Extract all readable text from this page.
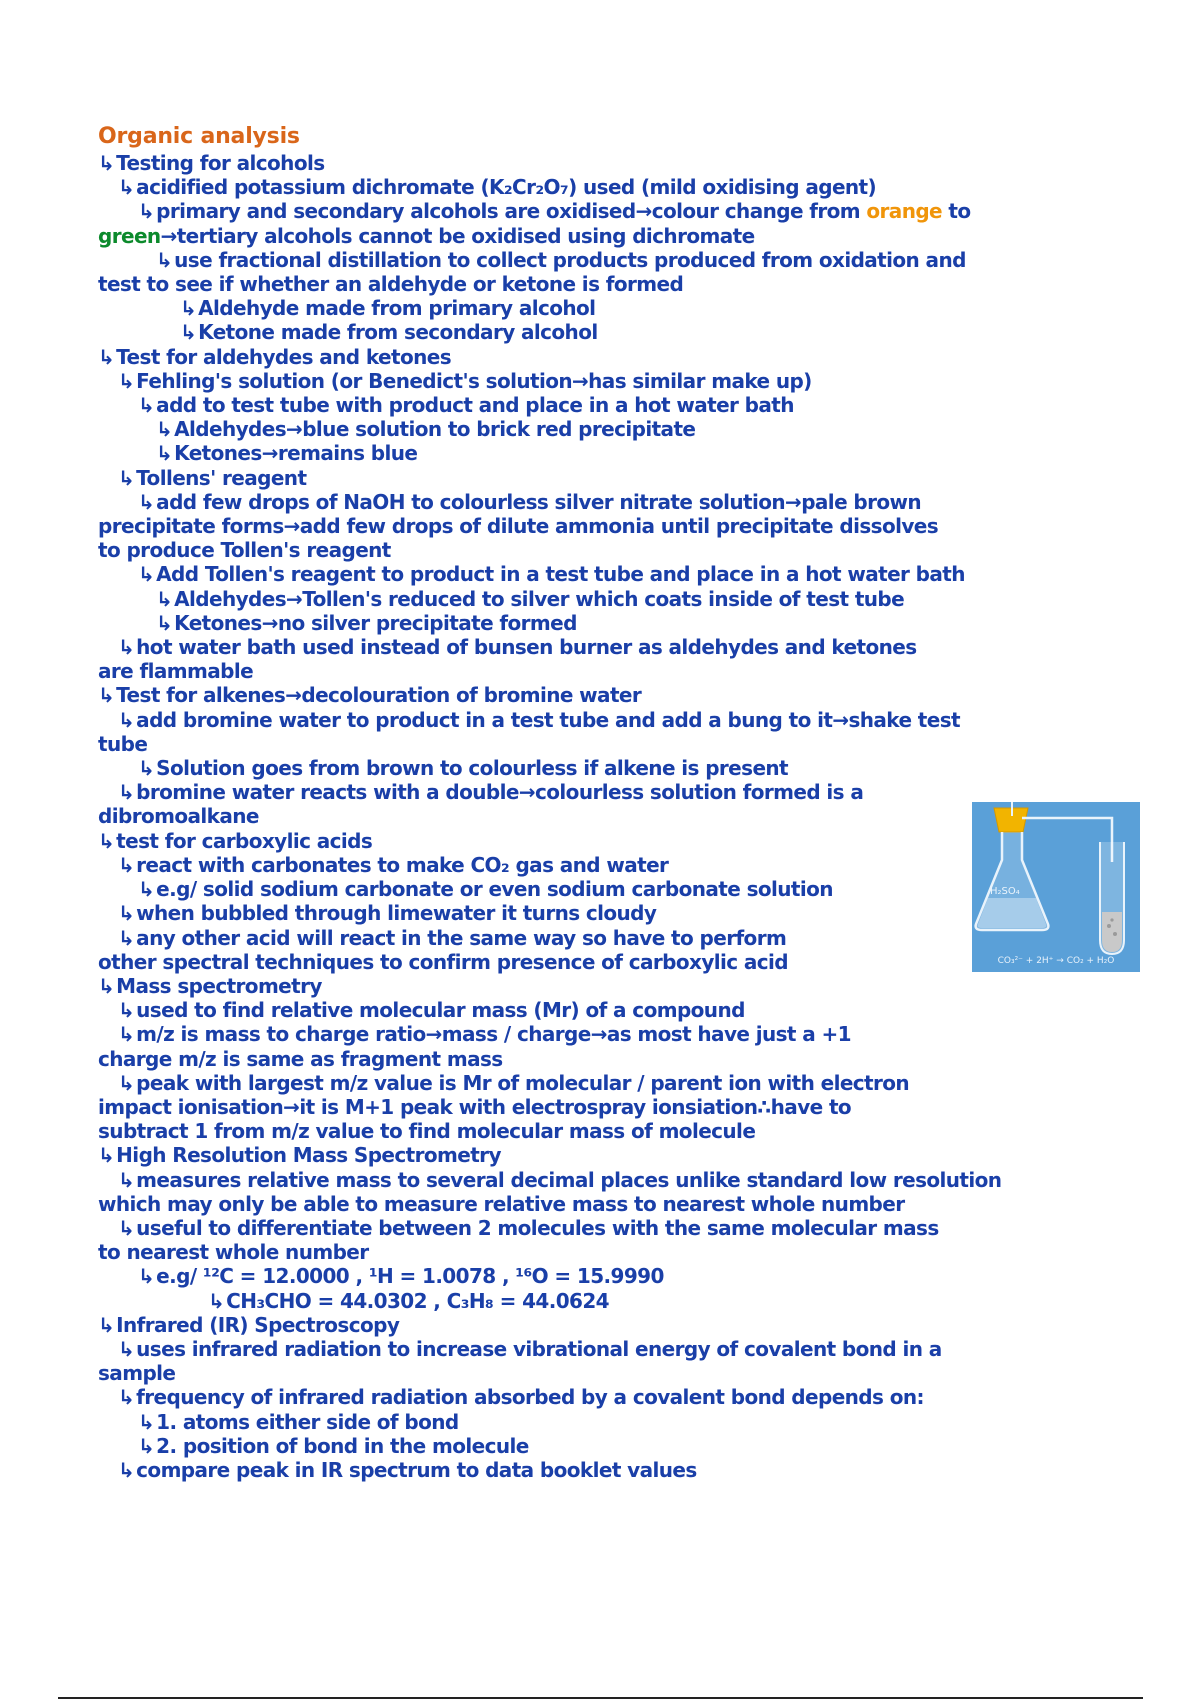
Organic analysis
↳ Testing for alcohols
↳ acidified potassium dichromate (K₂Cr₂O₇) used (mild oxidising agent)
↳ primary and secondary alcohols are oxidised→colour change from orange to
green→tertiary alcohols cannot be oxidised using dichromate
↳ use fractional distillation to collect products produced from oxidation and
test to see if whether an aldehyde or ketone is formed
↳ Aldehyde made from primary alcohol
↳ Ketone made from secondary alcohol
↳ Test for aldehydes and ketones
↳ Fehling's solution (or Benedict's solution→has similar make up)
↳ add to test tube with product and place in a hot water bath
↳ Aldehydes→blue solution to brick red precipitate
↳ Ketones→remains blue
↳ Tollens' reagent
↳ add few drops of NaOH to colourless silver nitrate solution→pale brown
precipitate forms→add few drops of dilute ammonia until precipitate dissolves
to produce Tollen's reagent
↳ Add Tollen's reagent to product in a test tube and place in a hot water bath
↳ Aldehydes→Tollen's reduced to silver which coats inside of test tube
↳ Ketones→no silver precipitate formed
↳ hot water bath used instead of bunsen burner as aldehydes and ketones
are flammable
↳ Test for alkenes→decolouration of bromine water
↳ add bromine water to product in a test tube and add a bung to it→shake test
tube
↳ Solution goes from brown to colourless if alkene is present
↳ bromine water reacts with a double→colourless solution formed is a
dibromoalkane
↳ test for carboxylic acids
↳ react with carbonates to make CO₂ gas and water
↳ e.g/ solid sodium carbonate or even sodium carbonate solution
↳ when bubbled through limewater it turns cloudy
↳ any other acid will react in the same way so have to perform
other spectral techniques to confirm presence of carboxylic acid
↳ Mass spectrometry
↳ used to find relative molecular mass (Mr) of a compound
↳ m/z is mass to charge ratio→mass / charge→as most have just a +1
charge m/z is same as fragment mass
↳ peak with largest m/z value is Mr of molecular / parent ion with electron
impact ionisation→it is M+1 peak with electrospray ionsiation∴have to
subtract 1 from m/z value to find molecular mass of molecule
↳ High Resolution Mass Spectrometry
↳ measures relative mass to several decimal places unlike standard low resolution
which may only be able to measure relative mass to nearest whole number
↳ useful to differentiate between 2 molecules with the same molecular mass
to nearest whole number
↳ e.g/ ¹²C = 12.0000 , ¹H = 1.0078 , ¹⁶O = 15.9990
↳ CH₃CHO = 44.0302 , C₃H₈ = 44.0624
↳ Infrared (IR) Spectroscopy
↳ uses infrared radiation to increase vibrational energy of covalent bond in a
sample
↳ frequency of infrared radiation absorbed by a covalent bond depends on:
↳ 1. atoms either side of bond
↳ 2. position of bond in the molecule
↳ compare peak in IR spectrum to data booklet values
H₂SO₄
CO₃²⁻ + 2H⁺ → CO₂ + H₂O
